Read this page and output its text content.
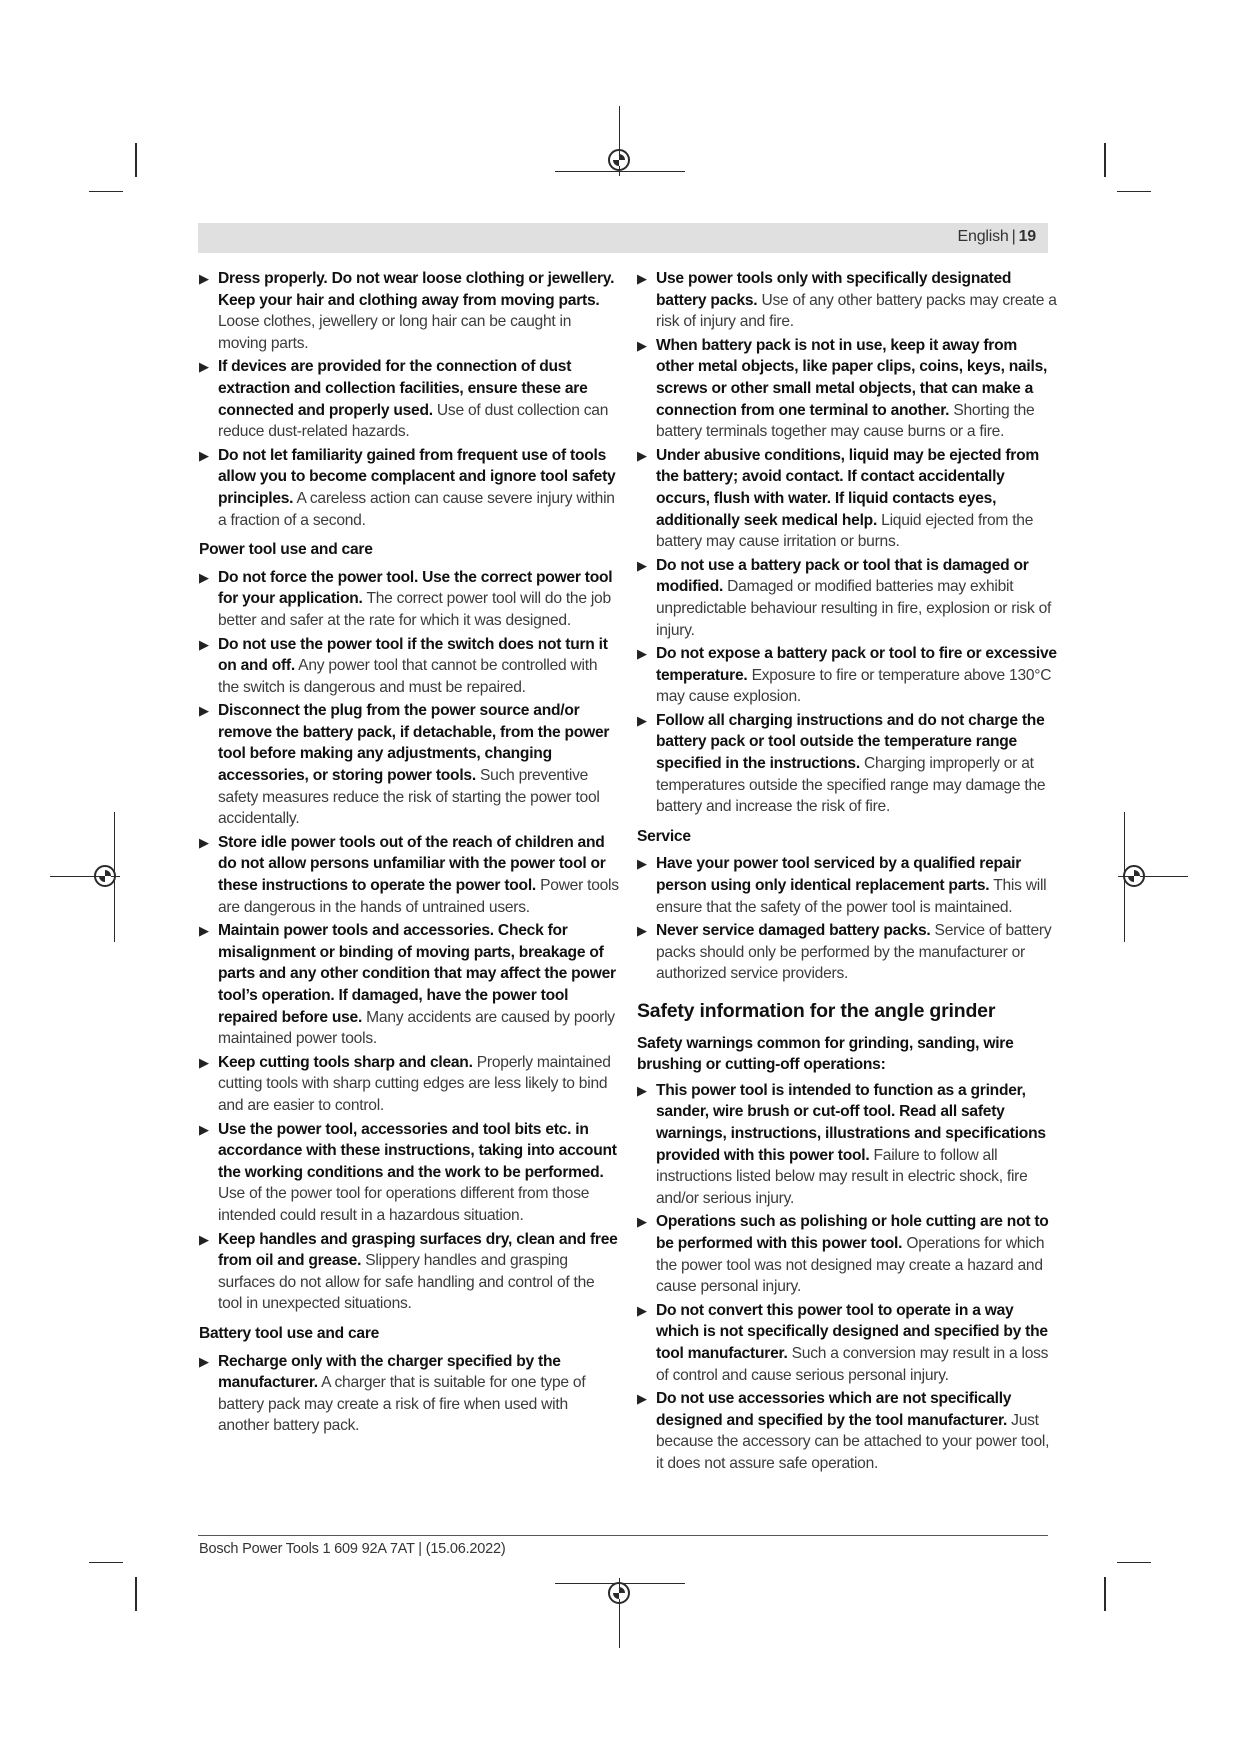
English | 19
▶ Dress properly. Do not wear loose clothing or jewellery. Keep your hair and clothing away from moving parts. Loose clothes, jewellery or long hair can be caught in moving parts.
▶ If devices are provided for the connection of dust extraction and collection facilities, ensure these are connected and properly used. Use of dust collection can reduce dust-related hazards.
▶ Do not let familiarity gained from frequent use of tools allow you to become complacent and ignore tool safety principles. A careless action can cause severe injury within a fraction of a second.
Power tool use and care
▶ Do not force the power tool. Use the correct power tool for your application. The correct power tool will do the job better and safer at the rate for which it was designed.
▶ Do not use the power tool if the switch does not turn it on and off. Any power tool that cannot be controlled with the switch is dangerous and must be repaired.
▶ Disconnect the plug from the power source and/or remove the battery pack, if detachable, from the power tool before making any adjustments, changing accessories, or storing power tools. Such preventive safety measures reduce the risk of starting the power tool accidentally.
▶ Store idle power tools out of the reach of children and do not allow persons unfamiliar with the power tool or these instructions to operate the power tool. Power tools are dangerous in the hands of untrained users.
▶ Maintain power tools and accessories. Check for misalignment or binding of moving parts, breakage of parts and any other condition that may affect the power tool’s operation. If damaged, have the power tool repaired before use. Many accidents are caused by poorly maintained power tools.
▶ Keep cutting tools sharp and clean. Properly maintained cutting tools with sharp cutting edges are less likely to bind and are easier to control.
▶ Use the power tool, accessories and tool bits etc. in accordance with these instructions, taking into account the working conditions and the work to be performed. Use of the power tool for operations different from those intended could result in a hazardous situation.
▶ Keep handles and grasping surfaces dry, clean and free from oil and grease. Slippery handles and grasping surfaces do not allow for safe handling and control of the tool in unexpected situations.
Battery tool use and care
▶ Recharge only with the charger specified by the manufacturer. A charger that is suitable for one type of battery pack may create a risk of fire when used with another battery pack.
▶ Use power tools only with specifically designated battery packs. Use of any other battery packs may create a risk of injury and fire.
▶ When battery pack is not in use, keep it away from other metal objects, like paper clips, coins, keys, nails, screws or other small metal objects, that can make a connection from one terminal to another. Shorting the battery terminals together may cause burns or a fire.
▶ Under abusive conditions, liquid may be ejected from the battery; avoid contact. If contact accidentally occurs, flush with water. If liquid contacts eyes, additionally seek medical help. Liquid ejected from the battery may cause irritation or burns.
▶ Do not use a battery pack or tool that is damaged or modified. Damaged or modified batteries may exhibit unpredictable behaviour resulting in fire, explosion or risk of injury.
▶ Do not expose a battery pack or tool to fire or excessive temperature. Exposure to fire or temperature above 130°C may cause explosion.
▶ Follow all charging instructions and do not charge the battery pack or tool outside the temperature range specified in the instructions. Charging improperly or at temperatures outside the specified range may damage the battery and increase the risk of fire.
Service
▶ Have your power tool serviced by a qualified repair person using only identical replacement parts. This will ensure that the safety of the power tool is maintained.
▶ Never service damaged battery packs. Service of battery packs should only be performed by the manufacturer or authorized service providers.
Safety information for the angle grinder
Safety warnings common for grinding, sanding, wire brushing or cutting-off operations:
▶ This power tool is intended to function as a grinder, sander, wire brush or cut-off tool. Read all safety warnings, instructions, illustrations and specifications provided with this power tool. Failure to follow all instructions listed below may result in electric shock, fire and/or serious injury.
▶ Operations such as polishing or hole cutting are not to be performed with this power tool. Operations for which the power tool was not designed may create a hazard and cause personal injury.
▶ Do not convert this power tool to operate in a way which is not specifically designed and specified by the tool manufacturer. Such a conversion may result in a loss of control and cause serious personal injury.
▶ Do not use accessories which are not specifically designed and specified by the tool manufacturer. Just because the accessory can be attached to your power tool, it does not assure safe operation.
Bosch Power Tools 1 609 92A 7AT | (15.06.2022)
